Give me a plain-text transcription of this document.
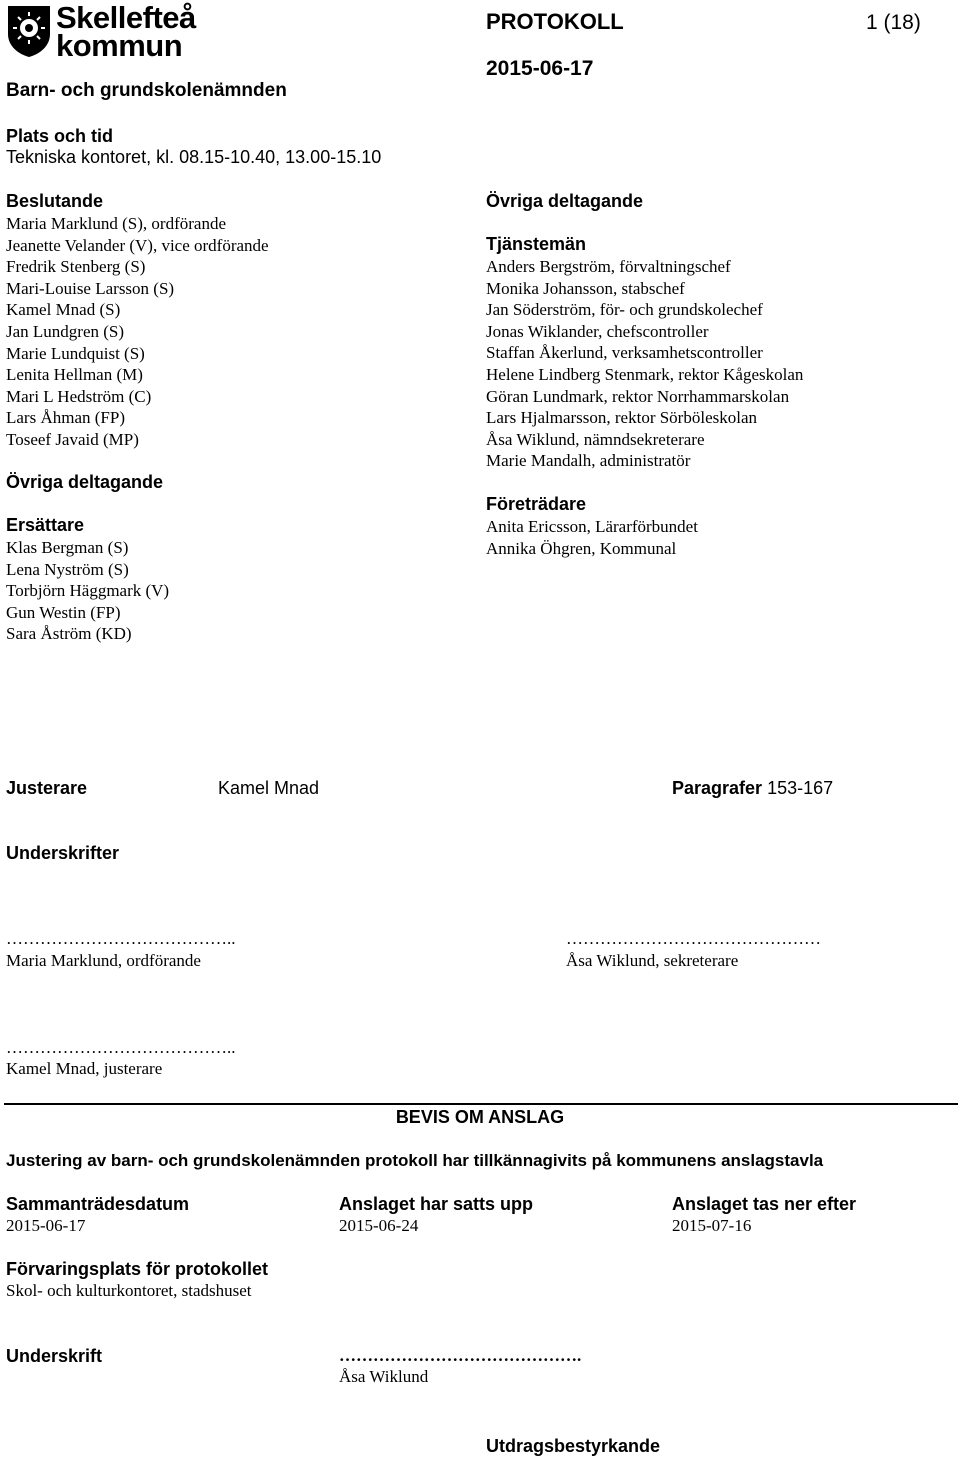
Skellefteå
kommun
PROTOKOLL	1 (18)
2015-06-17
Barn- och grundskolenämnden
Plats och tid
Tekniska kontoret, kl. 08.15-10.40, 13.00-15.10
Beslutande
Maria Marklund (S), ordförande
Jeanette Velander (V), vice ordförande
Fredrik Stenberg (S)
Mari-Louise Larsson (S)
Kamel Mnad (S)
Jan Lundgren (S)
Marie Lundquist (S)
Lenita Hellman (M)
Mari L Hedström (C)
Lars Åhman (FP)
Toseef Javaid (MP)
Övriga deltagande
Ersättare
Klas Bergman (S)
Lena Nyström (S)
Torbjörn Häggmark (V)
Gun Westin (FP)
Sara Åström (KD)
Övriga deltagande
Tjänstemän
Anders Bergström, förvaltningschef
Monika Johansson, stabschef
Jan Söderström, för- och grundskolechef
Jonas Wiklander, chefscontroller
Staffan Åkerlund, verksamhetscontroller
Helene Lindberg Stenmark, rektor Kågeskolan
Göran Lundmark, rektor Norrhammarskolan
Lars Hjalmarsson, rektor Sörböleskolan
Åsa Wiklund, nämndsekreterare
Marie Mandalh, administratör
Företrädare
Anita Ericsson, Lärarförbundet
Annika Öhgren, Kommunal
Justerare	Kamel Mnad	Paragrafer 153-167
Underskrifter
…………………………………..
Maria Marklund, ordförande
………………………………………
Åsa Wiklund, sekreterare
…………………………………..
Kamel Mnad, justerare
BEVIS OM ANSLAG
Justering av barn- och grundskolenämnden protokoll har tillkännagivits på kommunens anslagstavla
Sammanträdesdatum
2015-06-17
Anslaget har satts upp
2015-06-24
Anslaget tas ner efter
2015-07-16
Förvaringsplats för protokollet
Skol- och kulturkontoret, stadshuset
Underskrift	…………………………………….
Åsa Wiklund
Utdragsbestyrkande
